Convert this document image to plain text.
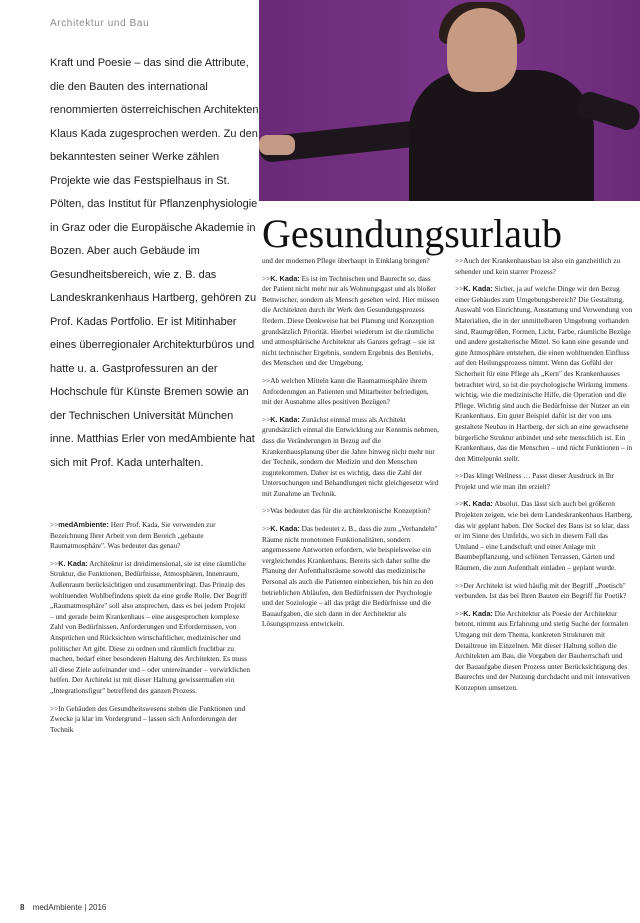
Architektur und Bau
Gesundungsurlaub
Kraft und Poesie – das sind die Attribute, die den Bauten des international renommierten österreichischen Architekten Klaus Kada zugesprochen werden. Zu den bekanntesten seiner Werke zählen Projekte wie das Festspielhaus in St. Pölten, das Institut für Pflanzenphysiologie in Graz oder die Europäische Akademie in Bozen. Aber auch Gebäude im Gesundheitsbereich, wie z. B. das Landeskrankenhaus Hartberg, gehören zu Prof. Kadas Portfolio. Er ist Mitinhaber eines überregionaler Architekturbüros und hatte u. a. Gastprofessuren an der Hochschule für Künste Bremen sowie an der Technischen Universität München inne. Matthias Erler von medAmbiente hat sich mit Prof. Kada unterhalten.

>>medAmbiente: Herr Prof. Kada, Sie verwenden zur Bezeichnung Ihrer Arbeit von dem Bereich „gebaute Raumatmosphäre". Was bedeutet das genau?

>>K. Kada: Architektur ist dreidimensional, sie ist eine räumliche Struktur, die Funktionen, Bedürfnisse, Atmosphären, Innenraum, Außenraum berücksichtigen und zusammenbringt. Das Prinzip des wohltuenden Wohlbefindens spielt da eine große Rolle. Der Begriff „Raumatmosphäre" soll also ansprechen, dass es bei jedem Projekt – und gerade beim Krankenhaus – eine ausgesprochen komplexe Zahl von Bedürfnissen, Anforderungen und Erfordernissen, von Ansprüchen und Rücksichten wirtschaftlicher, medizinischer und politischer Art gibt. Diese zu ordnen und räumlich fruchtbar zu machen, bedarf einer besonderen Haltung des Architekten. Es muss all diese Ziele aufeinander und – oder untereinander – verwirklichen helfen. Der Architekt ist mit dieser Haltung gewissermaßen ein „Integrationsfigur" betreffend des ganzen Prozess.

>>In Gebäuden des Gesundheitswesens stehen die Funktionen und Zwecke ja klar im Vordergrund – lassen sich Anforderungen der Technik

und der modernen Pflege überhaupt in Einklang bringen?

>>K. Kada: Es ist im Technischen und Baurecht so, dass der Patient nicht mehr nur als Wohnungsgast und als bloßer Bettwischer, sondern als Mensch gesehen wird. Hier müssen die Architekten durch ihr Werk den Gesundungsprozess fördern. Diese Denkweise hat bei Planung und Konzeption grundsätzlich Priorität. Hierbei wiederum ist die räumliche und atmosphärische Architektur als Ganzes gefragt – sie ist nicht technischer Ergebnis, sondern Ergebnis des Betriebs, des Menschen und der Umgebung.

>>Ab welchen Mitteln kann die Raumatmosphäre ihrem Anforderungen an Patienten und Mitarbeiter befriedigen, mit der Ausnahme alles positiven Bezügen?

>>K. Kada: Zunächst einmal muss als Architekt grundsätzlich einmal die Entwicklung zur Kenntnis nehmen, dass die Veränderungen in Bezug auf die Krankenhausplanung über die Jahre hinweg nicht mehr nur der Technik, sondern der Medizin und den Menschen zugutekommen. Daher ist es wichtig, dass die Zahl der Untersuchungen und Behandlungen nicht gleichgesetzt wird mit Zunahme an Technik.

>>Was bedeutet das für die architektonische Konzeption?

>>K. Kada: Das bedeutet z. B., dass die zum „Verhandeln" Räume nicht monotonen Funktionalitäten, sondern angemessene Antworten erfordern, wie beispielsweise ein vergleichendes Krankenhaus. Bereits sich daher sollte die Planung der Aufenthaltsräume sowohl das medizinische Personal als auch die Patienten einbeziehen, bis hin zu den betrieblichen Abläufen, den Bedürfnissen der Psychologie und der Soziologie – all das prägt die Bedürfnisse und die Bauaufgaben, die sich dann in der Architektur als Lösungsprozess entwickeln.

>>Auch der Krankenhausbau ist also ein ganzheitlich zu sehender und kein starrer Prozess?

>>K. Kada: Sicher, ja auf welche Dinge wir den Bezug einer Gebäudes zum Umgebungsbereich? Die Gestaltung, Auswahl von Einrichtung, Ausstattung und Verwendung von Materialien, die in der unmittelbaren Umgebung vorhanden sind, Raumgrößen, Formen, Licht, Farbe, räumliche Bezüge und andere gestalterische Mittel. So kann eine gesunde und gute Atmosphäre entstehen, die einen wohltuenden Einfluss auf den Heilungsprozess nimmt. Wenn das Gefühl der Sicherheit für eine Pflege als „Kern" des Krankenhauses betrachtet wird, so ist die psychologische Wirkung immens wichtig, wie die medizinische Hilfe, die Operation und die Pflege. Wichtig sind auch die Bedürfnisse der Nutzer an ein Krankenhaus. Ein guter Beispiel dafür ist der von uns gestaltete Neubau in Hartberg, der sich an eine gewachsene bürgerliche Struktur anbindet und sehr menschlich ist. Ein Krankenhaus, das die Menschen – und nicht Funktionen – in den Mittelpunkt stellt.

>>Das klingt Wellness … Passt dieser Ausdruck in Ihr Projekt und wie man ihn erzielt?

>>K. Kada: Absolut. Das lässt sich auch bei größeren Projekten zeigen, wie bei dem Landeskrankenhaus Hartberg, das wir geplant haben. Der Sockel des Baus ist so klar, dass er im Sinne des Umfelds, wo sich in diesem Fall das Umland – eine Landschaft und einer Anlage mit Baumbepflanzung, und schönen Terrassen, Gärten und Räumen, die zum Aufenthalt einladen – geplant wurde.

>>Der Architekt ist wird häufig mit der Begriff „Poetisch" verbunden. Ist das bei Ihren Bauten ein Begriff für Poetik?

>>K. Kada: Die Architektur als Poesie der Architektur betont, nimmt aus Erfahrung und stetig Suche der formalen Umgang mit dem Thema, konkreten Strukturen mit Detailtreue im Einzelnen. Mit dieser Haltung sollen die Architekten am Bau, die Vorgaben der Bauherrschaft und der Bauaufgabe diesen Prozess unter Berücksichtigung des Baurechts und der Nutzung durchdacht und mit innovativen Konzepten umsetzen.

8 medAmbiente | 2016
